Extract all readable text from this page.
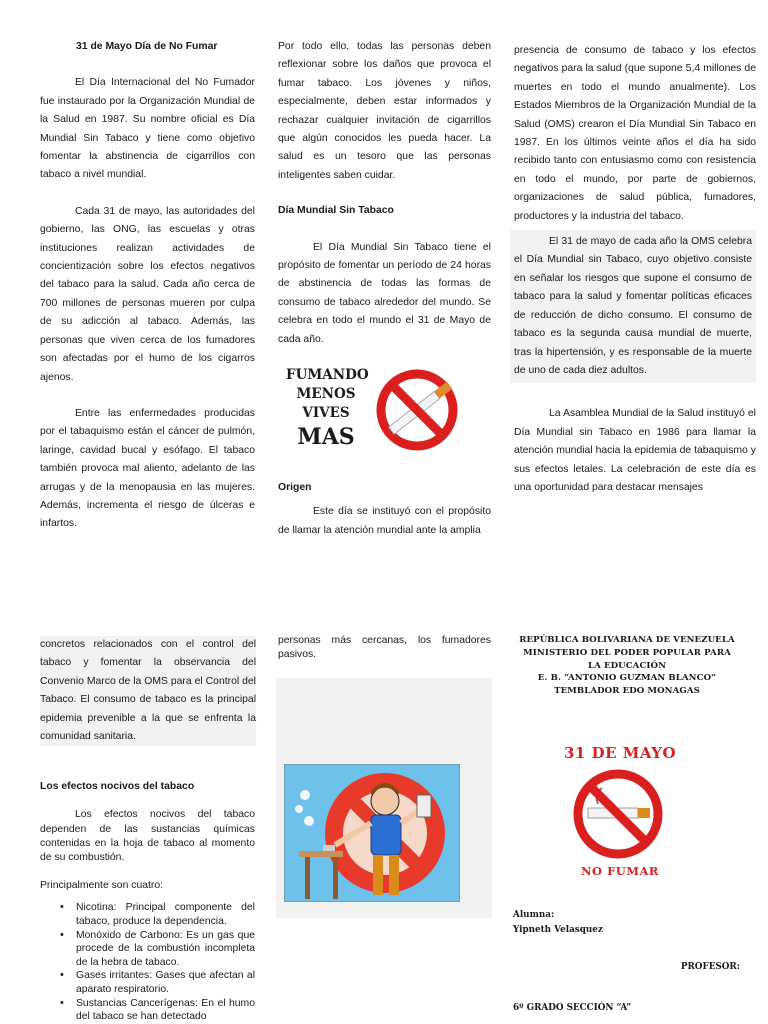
31 de Mayo Día de No Fumar

El Día Internacional del No Fumador fue instaurado por la Organización Mundial de la Salud en 1987. Su nombre oficial es Día Mundial Sin Tabaco y tiene como objetivo fomentar la abstinencia de cigarrillos con tabaco a nivel mundial.

Cada 31 de mayo, las autoridades del gobierno, las ONG, las escuelas y otras instituciones realizan actividades de concientización sobre los efectos negativos del tabaco para la salud. Cada año cerca de 700 millones de personas mueren por culpa de su adicción al tabaco. Además, las personas que viven cerca de los fumadores son afectadas por el humo de los cigarros ajenos.

Entre las enfermedades producidas por el tabaquismo están el cáncer de pulmón, laringe, cavidad bucal y esófago. El tabaco también provoca mal aliento, adelanto de las arrugas y de la menopausia en las mujeres. Además, incrementa el riesgo de úlceras e infartos.

Por todo ello, todas las personas deben reflexionar sobre los daños que provoca el fumar tabaco. Los jóvenes y niños, especialmente, deben estar informados y rechazar cualquier invitación de cigarrillos que algún conocidos les pueda hacer. La salud es un tesoro que las personas inteligentes saben cuidar.

Día Mundial Sin Tabaco

El Día Mundial Sin Tabaco tiene el propósito de fomentar un período de 24 horas de abstinencia de todas las formas de consumo de tabaco alrededor del mundo. Se celebra en todo el mundo el 31 de Mayo de cada año.

FUMANDO
MENOS
VIVES
MAS
Origen

Este día se instituyó con el propósito de llamar la atención mundial ante la amplia

presencia de consumo de tabaco y los efectos negativos para la salud (que supone 5,4 millones de muertes en todo el mundo anualmente). Los Estados Miembros de la Organización Mundial de la Salud (OMS) crearon el Día Mundial Sin Tabaco en 1987. En los últimos veinte años el día ha sido recibido tanto con entusiasmo como con resistencia en todo el mundo, por parte de gobiernos, organizaciones de salud pública, fumadores, productores y la industria del tabaco.

El 31 de mayo de cada año la OMS celebra el Día Mundial sin Tabaco, cuyo objetivo consiste en señalar los riesgos que supone el consumo de tabaco para la salud y fomentar políticas eficaces de reducción de dicho consumo. El consumo de tabaco es la segunda causa mundial de muerte, tras la hipertensión, y es responsable de la muerte de uno de cada diez adultos.

La Asamblea Mundial de la Salud instituyó el Día Mundial sin Tabaco en 1986 para llamar la atención mundial hacia la epidemia de tabaquismo y sus efectos letales. La celebración de este día es una oportunidad para destacar mensajes

concretos relacionados con el control del tabaco y fomentar la observancia del Convenio Marco de la OMS para el Control del Tabaco. El consumo de tabaco es la principal epidemia prevenible a la que se enfrenta la comunidad sanitaria.

Los efectos nocivos del tabaco

Los efectos nocivos del tabaco dependen de las sustancias químicas contenidas en la hoja de tabaco al momento de su combustión.

Principalmente son cuatro:

• Nicotina: Principal componente del tabaco, produce la dependencia.
• Monóxido de Carbono: Es un gas que procede de la combustión incompleta de la hebra de tabaco.
• Gases irritantes: Gases que afectan al aparato respiratorio.
• Sustancias Cancerígenas: En el humo del tabaco se han detectado

personas más cercanas, los fumadores pasivos.

REPÚBLICA BOLIVARIANA DE VENEZUELA
MINISTERIO DEL PODER POPULAR PARA LA EDUCACIÓN
E. B. “ANTONIO GUZMAN BLANCO”
TEMBLADOR EDO MONAGAS
31 DE MAYO
NO FUMAR
Alumna:
Yipneth Velasquez
PROFESOR:
6º GRADO SECCIÓN “A”
